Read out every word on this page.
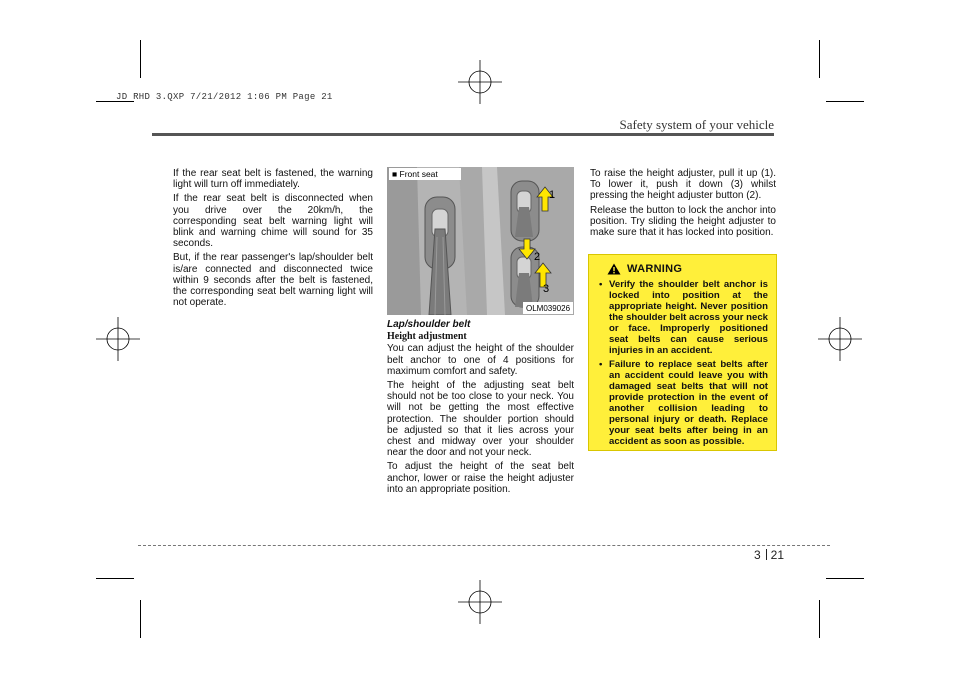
JD RHD 3.QXP 7/21/2012 1:06 PM Page 21
Safety system of your vehicle

If the rear seat belt is fastened, the warning light will turn off immediately.

If the rear seat belt is disconnected when you drive over the 20km/h, the corresponding seat belt warning light will blink and warning chime will sound for 35 seconds.

But, if the rear passenger's lap/shoulder belt is/are connected and disconnected twice within 9 seconds after the belt is fastened, the corresponding seat belt warning light will not operate.

■ Front seat
1
2
3
OLM039026

Lap/shoulder belt

Height adjustment

You can adjust the height of the shoulder belt anchor to one of 4 positions for maximum comfort and safety.

The height of the adjusting seat belt should not be too close to your neck. You will not be getting the most effective protection. The shoulder portion should be adjusted so that it lies across your chest and midway over your shoulder near the door and not your neck.

To adjust the height of the seat belt anchor, lower or raise the height adjuster into an appropriate position.

To raise the height adjuster, pull it up (1). To lower it, push it down (3) whilst pressing the height adjuster button (2).

Release the button to lock the anchor into position. Try sliding the height adjuster to make sure that it has locked into position.

WARNING
• Verify the shoulder belt anchor is locked into position at the appropriate height. Never position the shoulder belt across your neck or face. Improperly positioned seat belts can cause serious injuries in an accident.
• Failure to replace seat belts after an accident could leave you with damaged seat belts that will not provide protection in the event of another collision leading to personal injury or death. Replace your seat belts after being in an accident as soon as possible.
3 21
